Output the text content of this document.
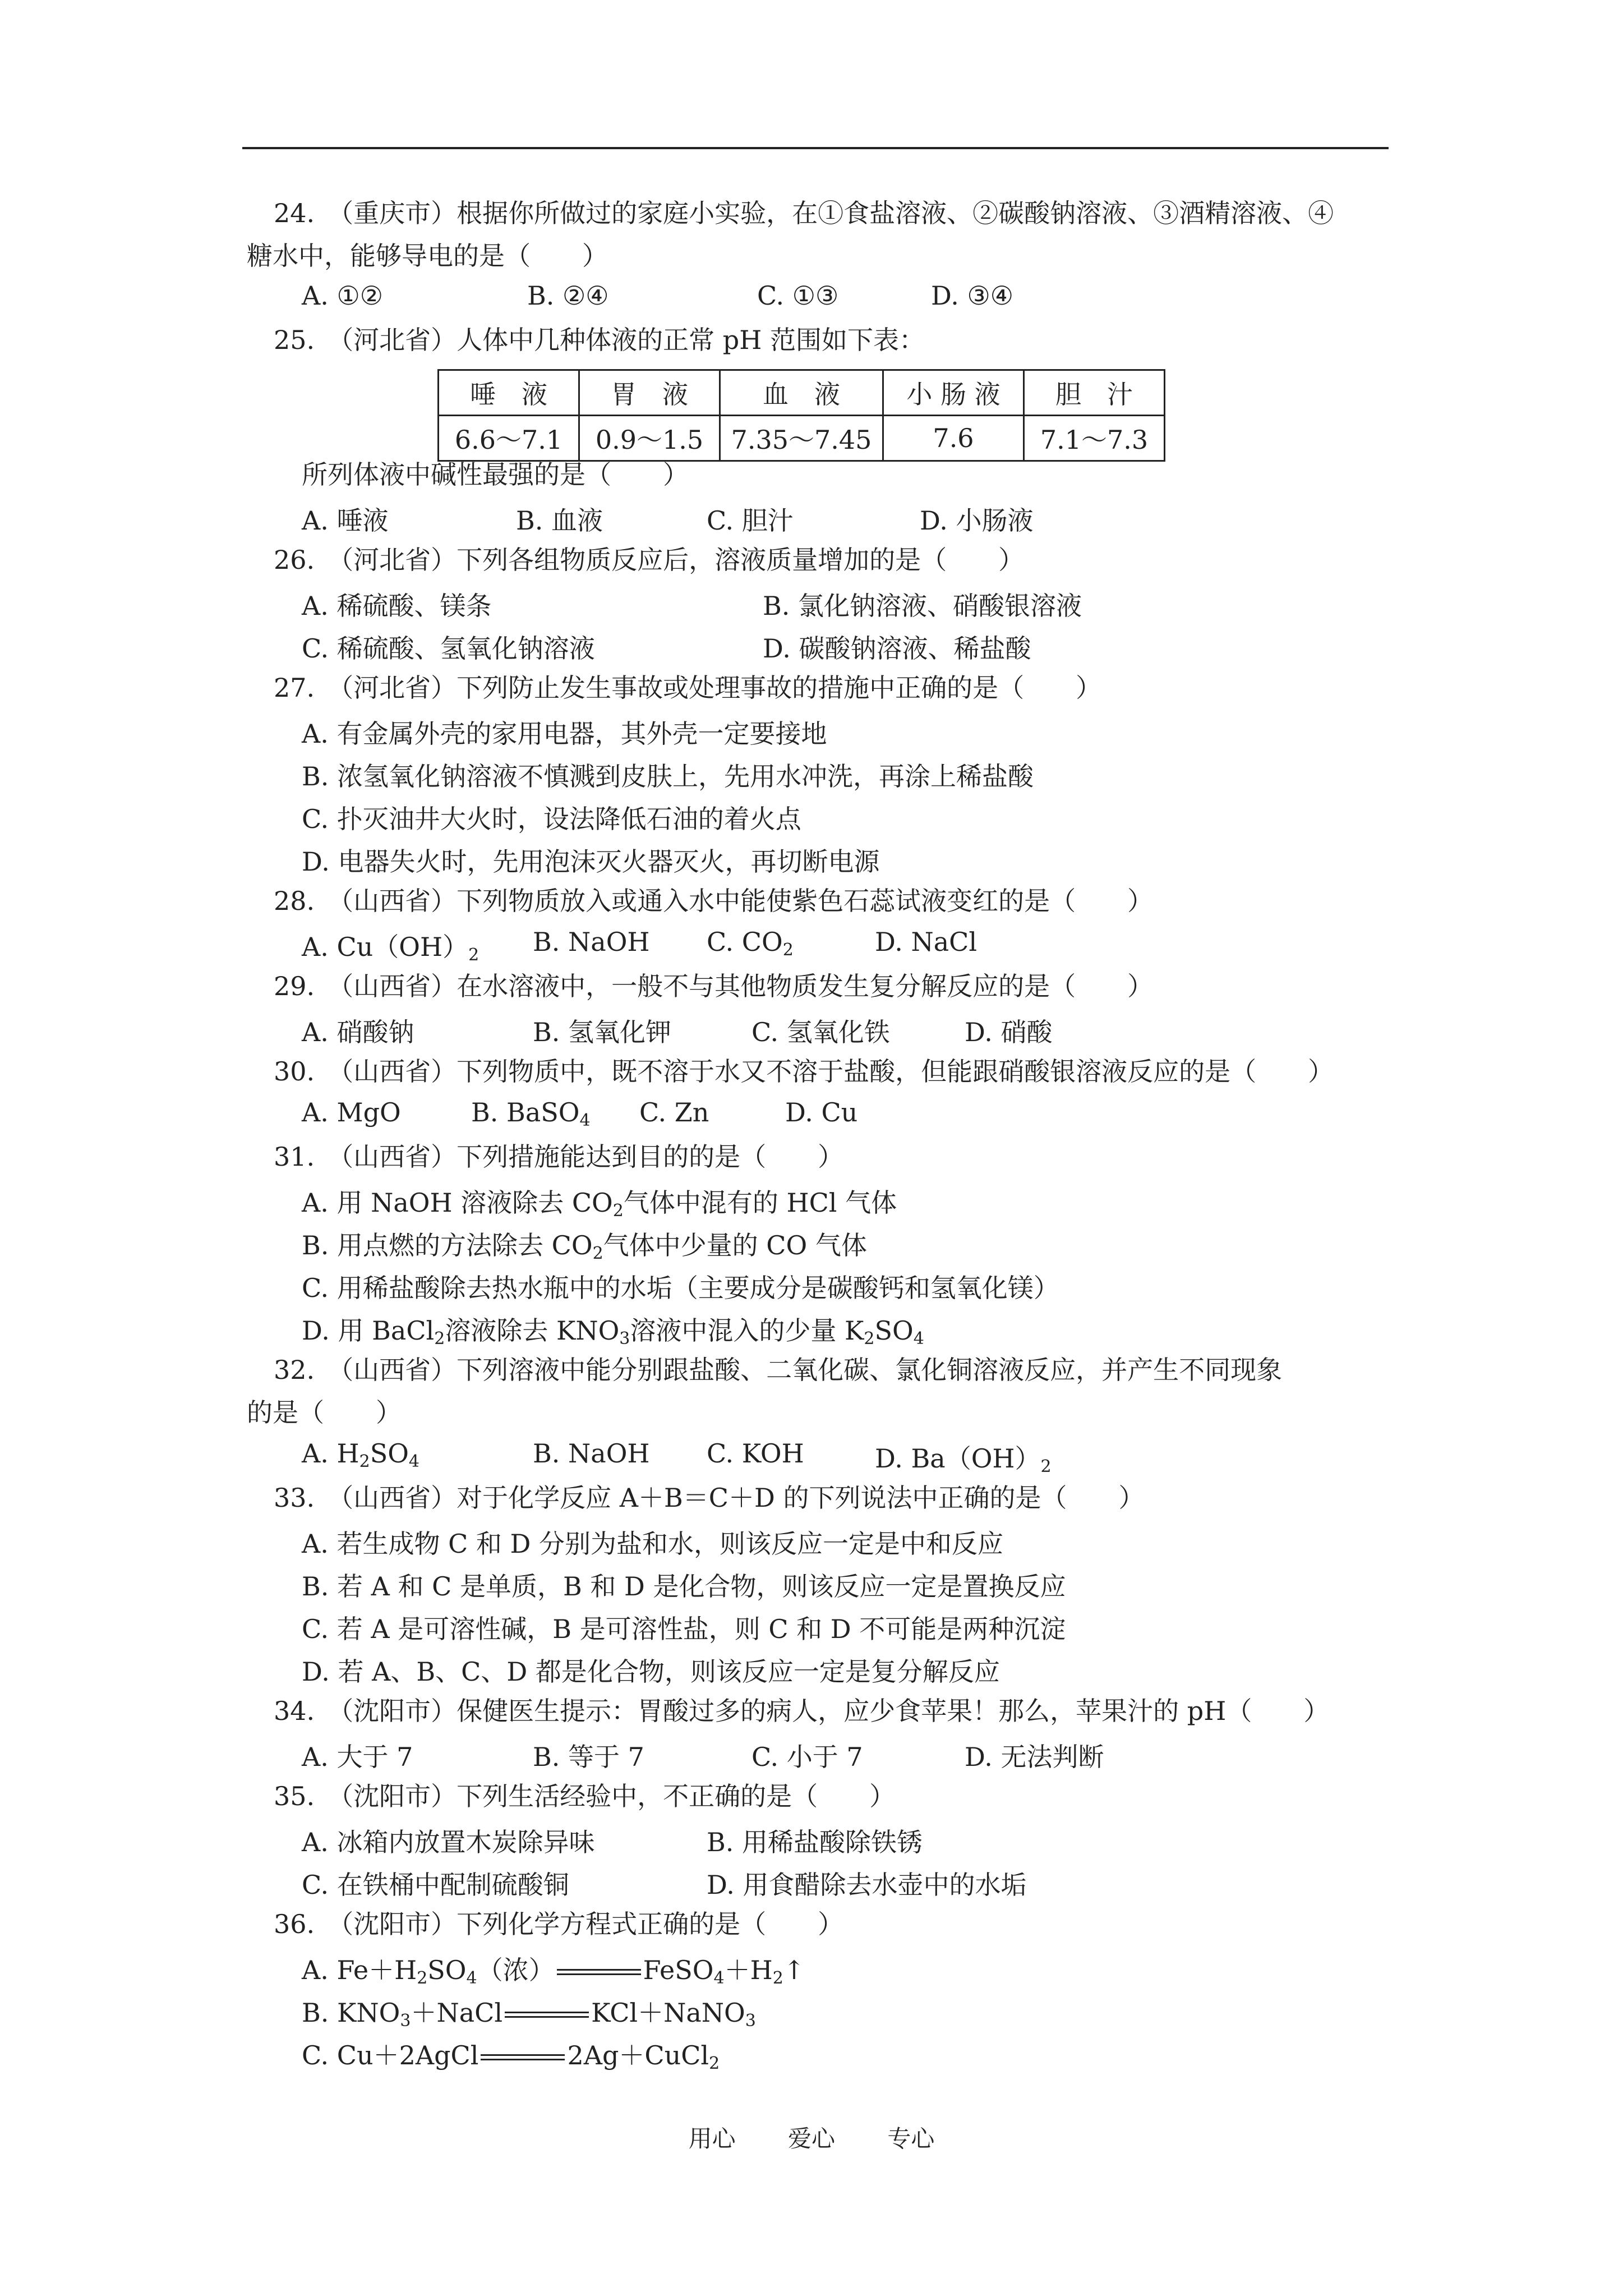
24.　（重庆市）根据你所做过的家庭小实验，在①食盐溶液、②碳酸钠溶液、③酒精溶液、④
糖水中，能够导电的是（　　）
A. ①②	B. ②④	C. ①③	D. ③④
25.　（河北省）人体中几种体液的正常 pH 范围如下表：
唾　液	胃　液	血　液	小 肠 液	胆　汁
6.6～7.1	0.9～1.5	7.35～7.45	7.6	7.1～7.3
所列体液中碱性最强的是（　　）
A. 唾液	B. 血液	C. 胆汁	D. 小肠液
26.　（河北省）下列各组物质反应后，溶液质量增加的是（　　）
A. 稀硫酸、镁条	B. 氯化钠溶液、硝酸银溶液
C. 稀硫酸、氢氧化钠溶液	D. 碳酸钠溶液、稀盐酸
27.　（河北省）下列防止发生事故或处理事故的措施中正确的是（　　）
A. 有金属外壳的家用电器，其外壳一定要接地
B. 浓氢氧化钠溶液不慎溅到皮肤上，先用水冲洗，再涂上稀盐酸
C. 扑灭油井大火时，设法降低石油的着火点
D. 电器失火时，先用泡沫灭火器灭火，再切断电源
28.　（山西省）下列物质放入或通入水中能使紫色石蕊试液变红的是（　　）
A. $Cu(OH)_2$ B. NaOH C. $CO_2$	D. NaCl
29.　（山西省）在水溶液中，一般不与其他物质发生复分解反应的是（　　）
A. 硝酸钠	B. 氢氧化钾	C. 氢氧化铁	D. 硝酸
30.　（山西省）下列物质中，既不溶于水又不溶于盐酸，但能跟硝酸银溶液反应的是（　　）
A. MgO	B. BaSO$_4$ C. Zn	D. Cu
31.　（山西省）下列措施能达到目的的是（　　）
A. 用 NaOH 溶液除去 $CO_2$气体中混有的 HCl 气体
B. 用点燃的方法除去 $CO_2$气体中少量的 CO 气体
C. 用稀盐酸除去热水瓶中的水垢（主要成分是碳酸钙和氢氧化镁）
D. 用 BaCl$_2$溶液除去 $KNO_3$溶液中混入的少量 $K_2SO_4$
32.　（山西省）下列溶液中能分别跟盐酸、二氧化碳、氯化铜溶液反应，并产生不同现象
的是（　　）
A. $H_2SO_4$	B. NaOH C. KOH	D. $Ba(OH)_2$
33.　（山西省）对于化学反应 A＋B＝C＋D 的下列说法中正确的是（　　）
A. 若生成物 C 和 D 分别为盐和水，则该反应一定是中和反应
B. 若 A 和 C 是单质，B 和 D 是化合物，则该反应一定是置换反应
C. 若 A 是可溶性碱，B 是可溶性盐，则 C 和 D 不可能是两种沉淀
D. 若 A、B、C、D 都是化合物，则该反应一定是复分解反应
34.　（沈阳市）保健医生提示：胃酸过多的病人，应少食苹果！那么，苹果汁的 pH（　　）
A. 大于 7	B. 等于 7	C. 小于 7	D. 无法判断
35.　（沈阳市）下列生活经验中，不正确的是（　　）
A. 冰箱内放置木炭除异味	B. 用稀盐酸除铁锈
C. 在铁桶中配制硫酸铜	D. 用食醋除去水壶中的水垢
36.　（沈阳市）下列化学方程式正确的是（　　）
A. $Fe+H_2SO_4$（浓）	$FeSO_4+H_2↑$
B. $KNO_3+NaCl$	KCl＋NaNO$_3$
C. Cu＋2AgCl	2Ag＋CuCl$_2$
用心 爱心 专心
